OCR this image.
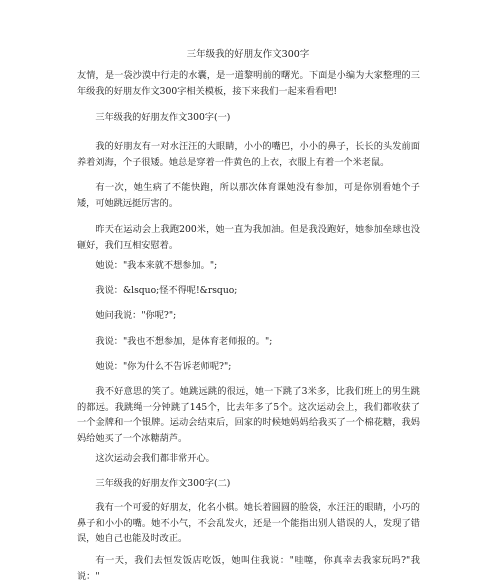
三年级我的好朋友作文300字

友情，是一袋沙漠中行走的水囊，是一道黎明前的曙光。下面是小编为大家整理的三年级我的好朋友作文300字相关模板，接下来我们一起来看看吧!

三年级我的好朋友作文300字(一)

我的好朋友有一对水汪汪的大眼睛，小小的嘴巴，小小的鼻子，长长的头发前面养着刘海，个子很矮。她总是穿着一件黄色的上衣，衣服上有着一个米老鼠。

有一次，她生病了不能快跑，所以那次体育课她没有参加，可是你别看她个子矮，可她跳远挺厉害的。

昨天在运动会上我跑200米，她一直为我加油。但是我没跑好，她参加垒球也没砸好，我们互相安慰着。

她说："我本来就不想参加。";

我说：&lsquo;怪不得呢!&rsquo;

她问我说："你呢?";

我说："我也不想参加，是体育老师报的。";

她说："你为什么不告诉老师呢?";

我不好意思的笑了。她跳远跳的很远，她一下跳了3米多，比我们班上的男生跳的都远。我跳绳一分钟跳了145个，比去年多了5个。这次运动会上，我们都收获了一个金牌和一个银牌。运动会结束后，回家的时候她妈妈给我买了一个棉花糖，我妈妈给她买了一个冰糖葫芦。

这次运动会我们都非常开心。

三年级我的好朋友作文300字(二)

我有一个可爱的好朋友，化名小棋。她长着圆圆的脸袋，水汪汪的眼睛，小巧的鼻子和小小的嘴。她不小气，不会乱发火，还是一个能指出别人错误的人，发现了错误，她自己也能及时改正。

有一天，我们去恒发饭店吃饭，她叫住我说："哇噻，你真幸去我家玩吗?"我说："
